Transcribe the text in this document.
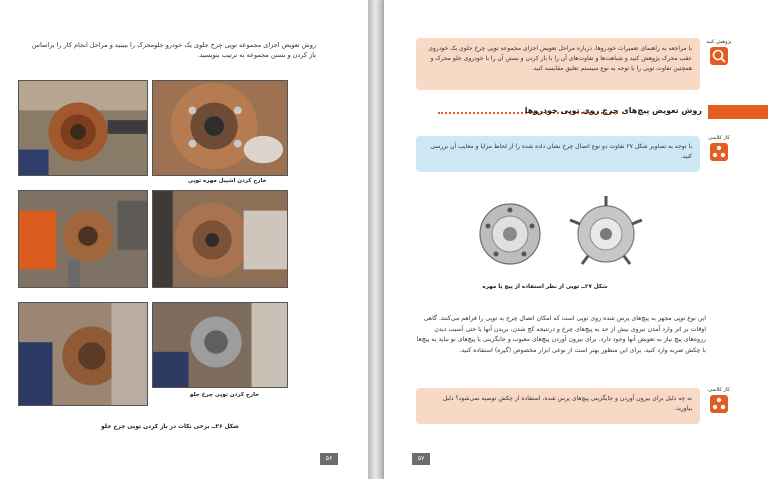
روش تعویض اجزای مجموعه توپی چرخ جلوی یک خودرو جلومحرک را ببینید و مراحل انجام کار را براساس باز کردن و بستن مجموعه به ترتیب بنویسید.

خارج کردن اشپیل مهره توپی
خارج کردن توپی چرخ جلو

شکل ۲۶ــ برخی نکات در باز کردن توپی چرخ جلو

۵۶
با مراجعه به راهنمای تعمیرات خودروها، درباره مراحل تعویض اجزای مجموعه توپی چرخ جلوی یک خودروی عقب محرک پژوهش کنید و شباهت‌ها و تفاوت‌های آن را با باز کردن و بستن آن را با خودروی جلو محرک و همچنین تفاوت توپی را با توجه به نوع سیستم تعلیق مقایسه کنید.
پژوهش کنید
با توجه به تصاویر شکل ۲۷ تفاوت دو نوع اتصال چرخ نشان داده شده را از لحاظ مزایا و معایب آن بررسی کنید.
کار کلاسی

شکل ۲۷ــ توپی از نظر استفاده از پیچ یا مهره

این نوع توپی مجهز به پیچ‌های پرس شده روی توپی است که امکان اتصال چرخ به توپی را فراهم می‌کنند. گاهی اوقات بر اثر وارد آمدن نیروی بیش از حد به پیچ‌های چرخ و درنتیجه کج شدن، بریدن آنها یا حتی آسیب دیدن رزوه‌های پیچ نیاز به تعویض آنها وجود دارد. برای بیرون آوردن پیچ‌های معیوب و جایگزینی با پیچ‌های نو نباید به پیچ‌ها با چکش ضربه وارد کنید. برای این منظور بهتر است از نوعی ابزار مخصوص (گیره) استفاده کنید.

به چه دلیل برای بیرون آوردن و جایگزینی پیچ‌های پرس شده، استفاده از چکش توصیه نمی‌شود؟ دلیل بیاورید.
کار کلاسی
۵۷
روش تعویض پیچ‌های چرخ روی توپی خودروها
